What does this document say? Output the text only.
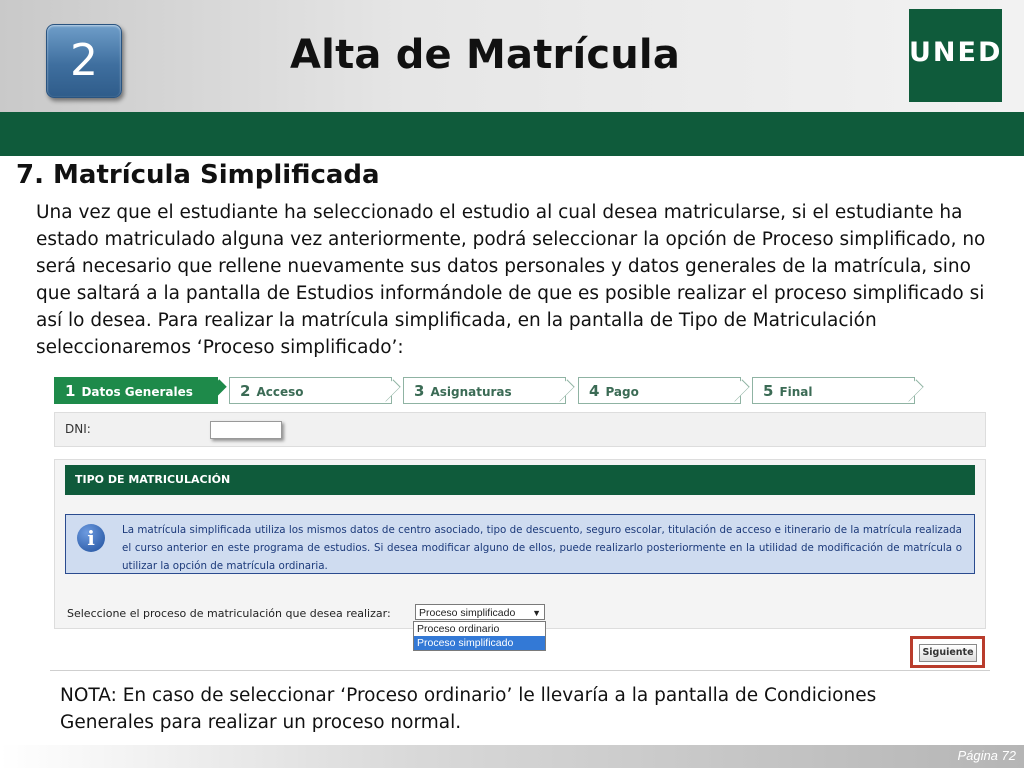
2	Alta de Matrícula	UNED
7. Matrícula Simplificada
Una vez que el estudiante ha seleccionado el estudio al cual desea matricularse, si el estudiante ha estado matriculado alguna vez anteriormente, podrá seleccionar la opción de Proceso simplificado, no será necesario que rellene nuevamente sus datos personales y datos generales de la matrícula, sino que saltará a la pantalla de Estudios informándole de que es posible realizar el proceso simplificado si así lo desea. Para realizar la matrícula simplificada, en la pantalla de Tipo de Matriculación seleccionaremos ‘Proceso simplificado’:
1 Datos Generales	2 Acceso	3 Asignaturas	4 Pago	5 Final
DNI:
TIPO DE MATRICULACIÓN
i	La matrícula simplificada utiliza los mismos datos de centro asociado, tipo de descuento, seguro escolar, titulación de acceso e itinerario de la matrícula realizada el curso anterior en este programa de estudios. Si desea modificar alguno de ellos, puede realizarlo posteriormente en la utilidad de modificación de matrícula o utilizar la opción de matrícula ordinaria.
Seleccione el proceso de matriculación que desea realizar:	Proceso simplificado ▼
Proceso ordinario
Proceso simplificado
Siguiente
NOTA: En caso de seleccionar ‘Proceso ordinario’ le llevaría a la pantalla de Condiciones Generales para realizar un proceso normal.
Página 72
